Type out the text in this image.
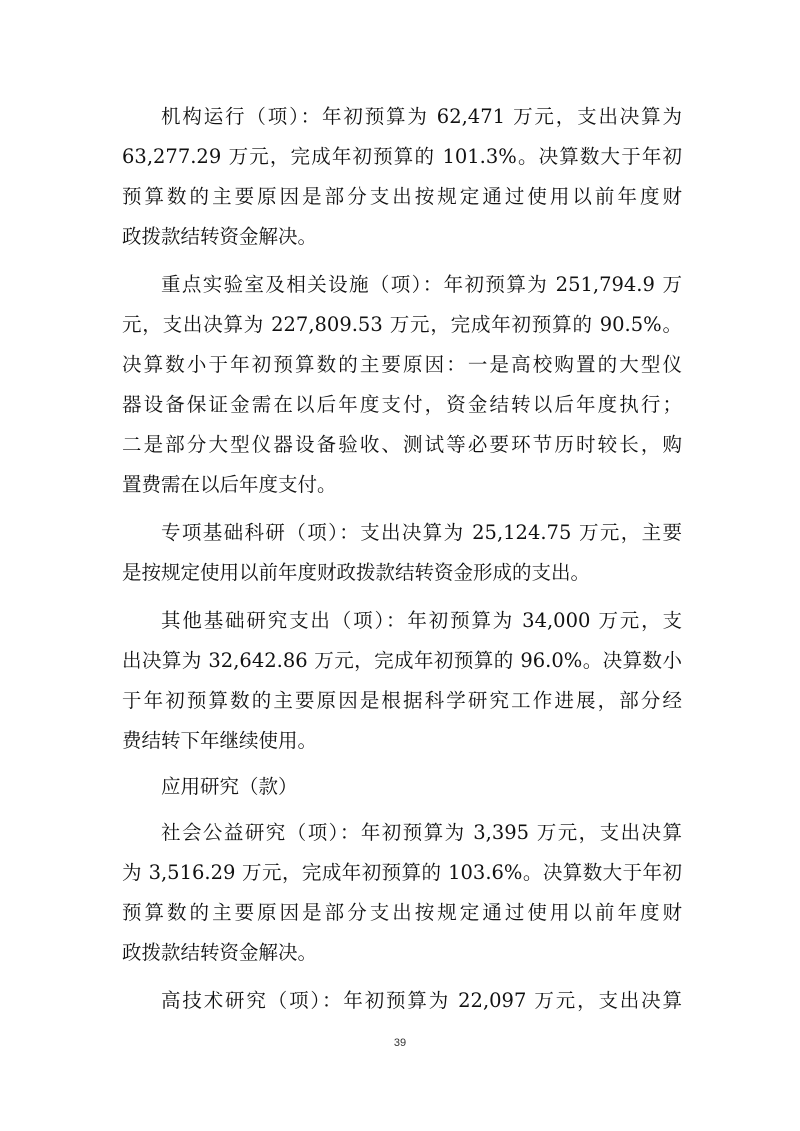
机构运行（项）：年初预算为 62,471 万元，支出决算为
63,277.29 万元，完成年初预算的 101.3%。决算数大于年初
预算数的主要原因是部分支出按规定通过使用以前年度财
政拨款结转资金解决。
重点实验室及相关设施（项）：年初预算为 251,794.9 万
元，支出决算为 227,809.53 万元，完成年初预算的 90.5%。
决算数小于年初预算数的主要原因：一是高校购置的大型仪
器设备保证金需在以后年度支付，资金结转以后年度执行；
二是部分大型仪器设备验收、测试等必要环节历时较长，购
置费需在以后年度支付。
专项基础科研（项）：支出决算为 25,124.75 万元，主要
是按规定使用以前年度财政拨款结转资金形成的支出。
其他基础研究支出（项）：年初预算为 34,000 万元，支
出决算为 32,642.86 万元，完成年初预算的 96.0%。决算数小
于年初预算数的主要原因是根据科学研究工作进展，部分经
费结转下年继续使用。
应用研究（款）
社会公益研究（项）：年初预算为 3,395 万元，支出决算
为 3,516.29 万元，完成年初预算的 103.6%。决算数大于年初
预算数的主要原因是部分支出按规定通过使用以前年度财
政拨款结转资金解决。
高技术研究（项）：年初预算为 22,097 万元，支出决算
39
